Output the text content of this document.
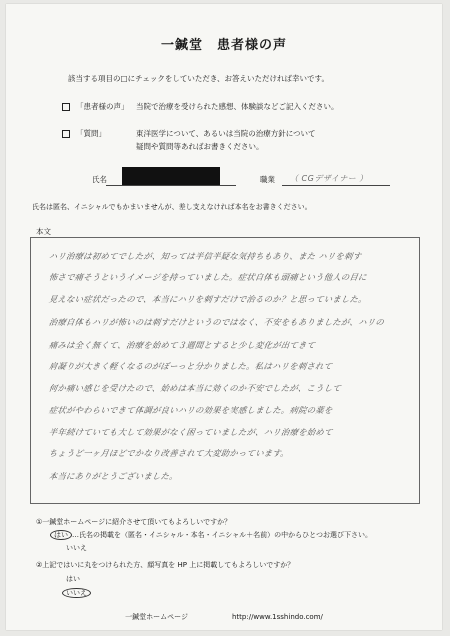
一鍼堂　患者様の声
該当する項目の□にチェックをしていただき、お答えいただければ幸いです。
「患者様の声」 当院で治療を受けられた感想、体験談などご記入ください。
「質問」	東洋医学について、あるいは当院の治療方針について
疑問や質問等あればお書きください。
氏名	職業 （ CGデザイナー ）
氏名は匿名、イニシャルでもかまいませんが、差し支えなければ本名をお書きください。
本文
ハリ治療は初めてでしたが、知っては半信半疑な気持ちもあり、また ハリを刺す
怖さで痛そうというイメージを持っていました。症状自体も頭痛という他人の目に
見えない症状だったので、本当にハリを刺すだけで治るのか？と思っていました。
治療自体もハリが怖いのは刺すだけというのではなく、不安をもありましたが、ハリの
痛みは全く無くて、治療を始めて３週間とすると少し変化が出てきて
肩凝りが大きく軽くなるのがぼーっと分かりました。私はハリを刺されて
何か痛い感じを受けたので、始めは本当に効くのか不安でしたが、こうして
症状がやわらいできて体調が良いハリの効果を実感しました。病院の薬を
半年続けていても大して効果がなく困っていましたが、ハリ治療を始めて
ちょうど一ヶ月ほどでかなり改善されて大変助かっています。
本当にありがとうございました。
①一鍼堂ホームページに紹介させて頂いてもよろしいですか？
はい …氏名の掲載を（匿名・イニシャル・本名・イニシャル＋名前）の中からひとつお選び下さい。
いいえ
②上記ではいに丸をつけられた方、顔写真を HP 上に掲載してもよろしいですか？
はい
いいえ
一鍼堂ホームページ	http://www.1sshindo.com/
